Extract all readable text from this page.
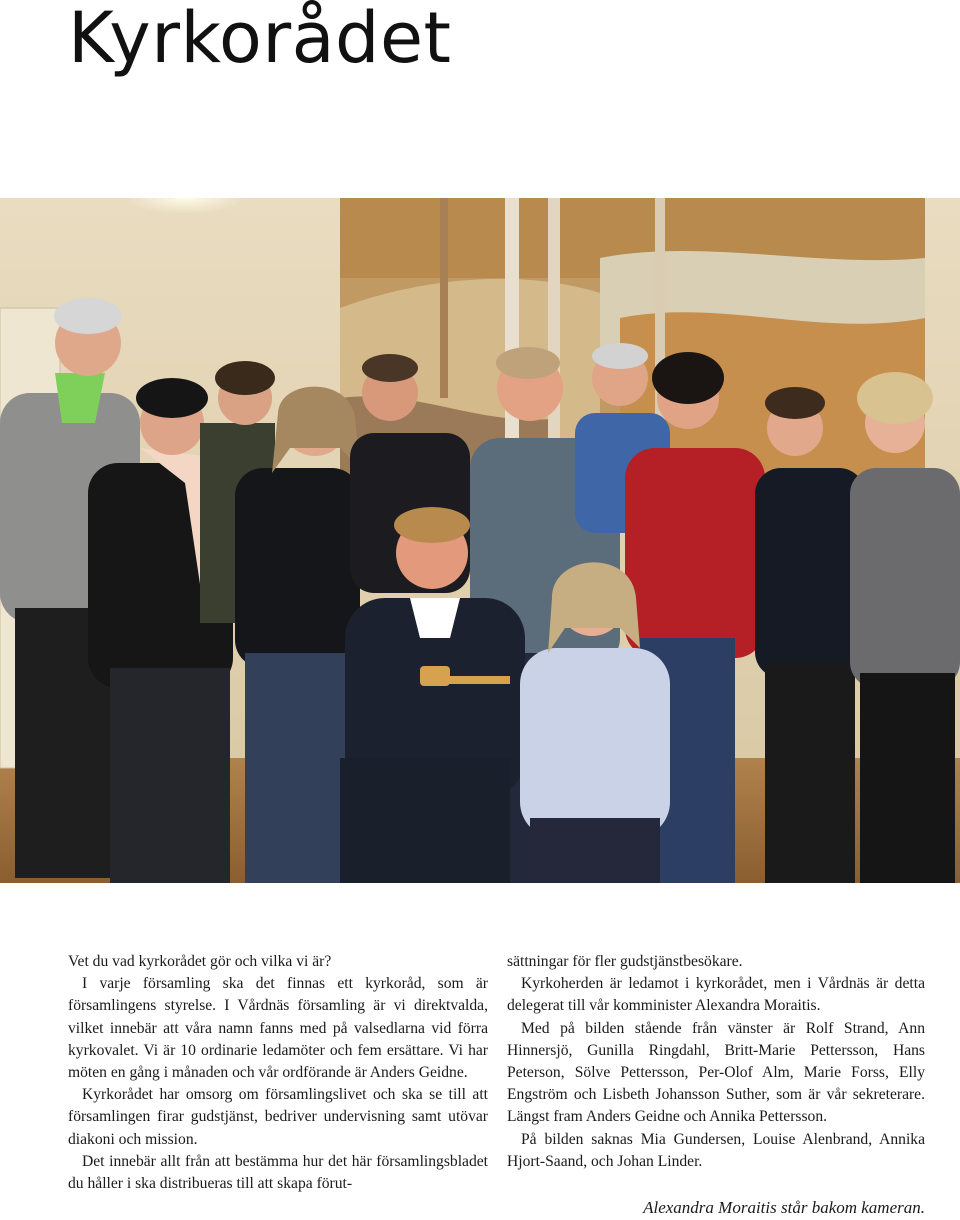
Kyrkorådet

Vet du vad kyrkorådet gör och vilka vi är?

I varje församling ska det finnas ett kyrkoråd, som är församlingens styrelse. I Vårdnäs församling är vi direktvalda, vilket innebär att våra namn fanns med på valsedlarna vid förra kyrkovalet. Vi är 10 ordinarie ledamöter och fem ersättare. Vi har möten en gång i månaden och vår ordförande är Anders Geidne.

Kyrkorådet har omsorg om församlingslivet och ska se till att församlingen firar gudstjänst, bedriver undervisning samt utövar diakoni och mission.

Det innebär allt från att bestämma hur det här församlingsbladet du håller i ska distribueras till att skapa förut-

sättningar för fler gudstjänstbesökare.

Kyrkoherden är ledamot i kyrkorådet, men i Vårdnäs är detta delegerat till vår komminister Alexandra Moraitis.

Med på bilden stående från vänster är Rolf Strand, Ann Hinnersjö, Gunilla Ringdahl, Britt-Marie Pettersson, Hans Peterson, Sölve Pettersson, Per-Olof Alm, Marie Forss, Elly Engström och Lisbeth Johansson Suther, som är vår sekreterare. Längst fram Anders Geidne och Annika Pettersson.

På bilden saknas Mia Gundersen, Louise Alenbrand, Annika Hjort-Saand, och Johan Linder.

Alexandra Moraitis står bakom kameran.
